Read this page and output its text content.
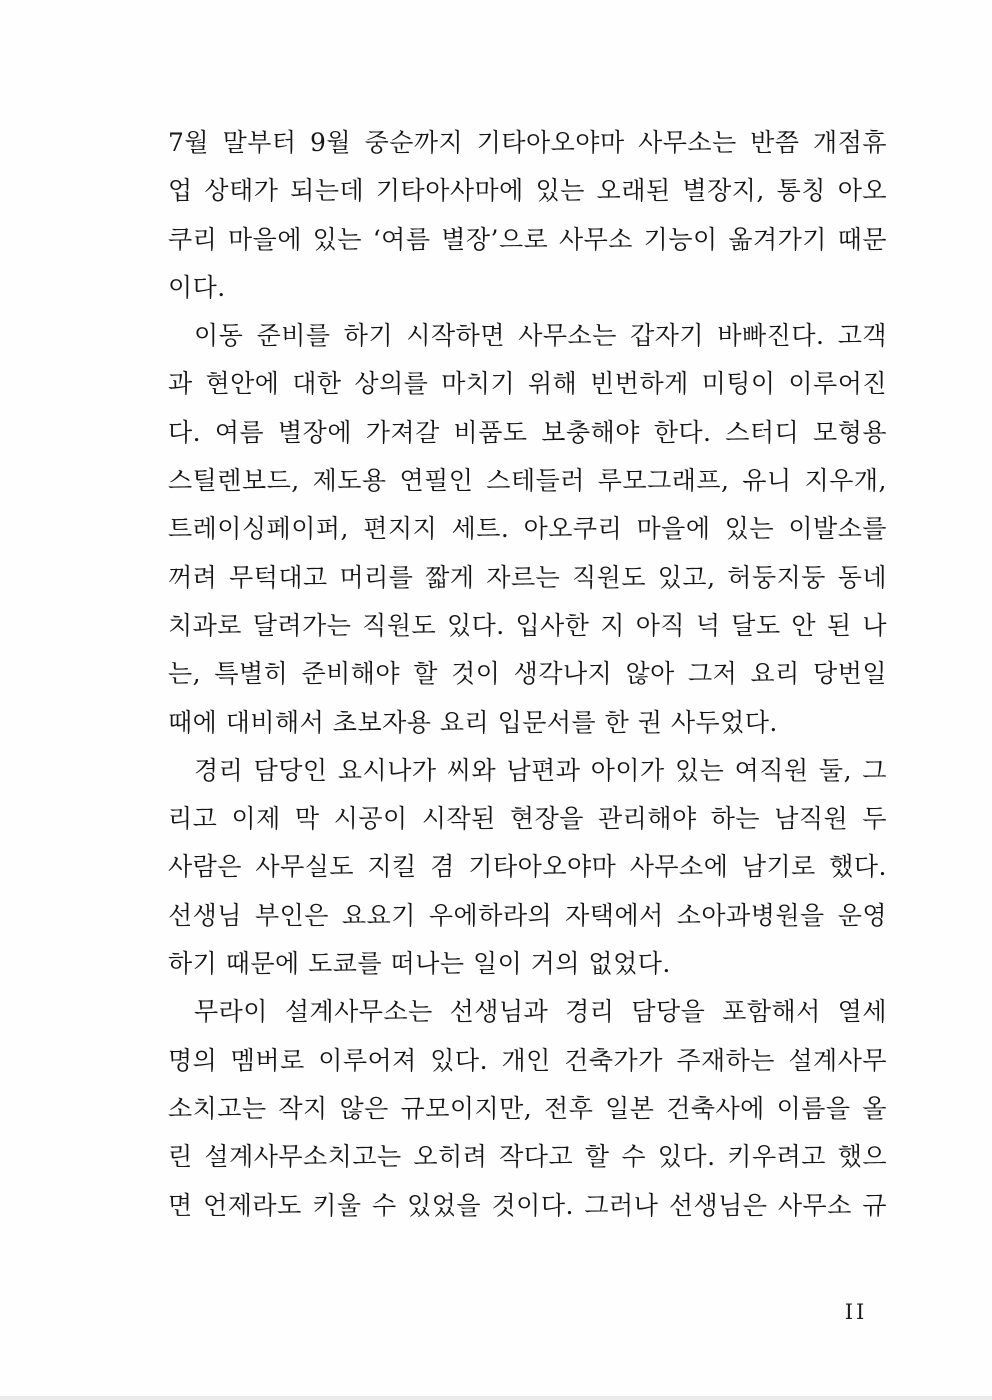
7월 말부터 9월 중순까지 기타아오야마 사무소는 반쯤 개점휴
업 상태가 되는데 기타아사마에 있는 오래된 별장지, 통칭 아오
쿠리 마을에 있는 ‘여름 별장’으로 사무소 기능이 옮겨가기 때문
이다.
이동 준비를 하기 시작하면 사무소는 갑자기 바빠진다. 고객
과 현안에 대한 상의를 마치기 위해 빈번하게 미팅이 이루어진
다. 여름 별장에 가져갈 비품도 보충해야 한다. 스터디 모형용
스틸렌보드, 제도용 연필인 스테들러 루모그래프, 유니 지우개,
트레이싱페이퍼, 편지지 세트. 아오쿠리 마을에 있는 이발소를
꺼려 무턱대고 머리를 짧게 자르는 직원도 있고, 허둥지둥 동네
치과로 달려가는 직원도 있다. 입사한 지 아직 넉 달도 안 된 나
는, 특별히 준비해야 할 것이 생각나지 않아 그저 요리 당번일
때에 대비해서 초보자용 요리 입문서를 한 권 사두었다.
경리 담당인 요시나가 씨와 남편과 아이가 있는 여직원 둘, 그
리고 이제 막 시공이 시작된 현장을 관리해야 하는 남직원 두
사람은 사무실도 지킬 겸 기타아오야마 사무소에 남기로 했다.
선생님 부인은 요요기 우에하라의 자택에서 소아과병원을 운영
하기 때문에 도쿄를 떠나는 일이 거의 없었다.
무라이 설계사무소는 선생님과 경리 담당을 포함해서 열세
명의 멤버로 이루어져 있다. 개인 건축가가 주재하는 설계사무
소치고는 작지 않은 규모이지만, 전후 일본 건축사에 이름을 올
린 설계사무소치고는 오히려 작다고 할 수 있다. 키우려고 했으
면 언제라도 키울 수 있었을 것이다. 그러나 선생님은 사무소 규
II
